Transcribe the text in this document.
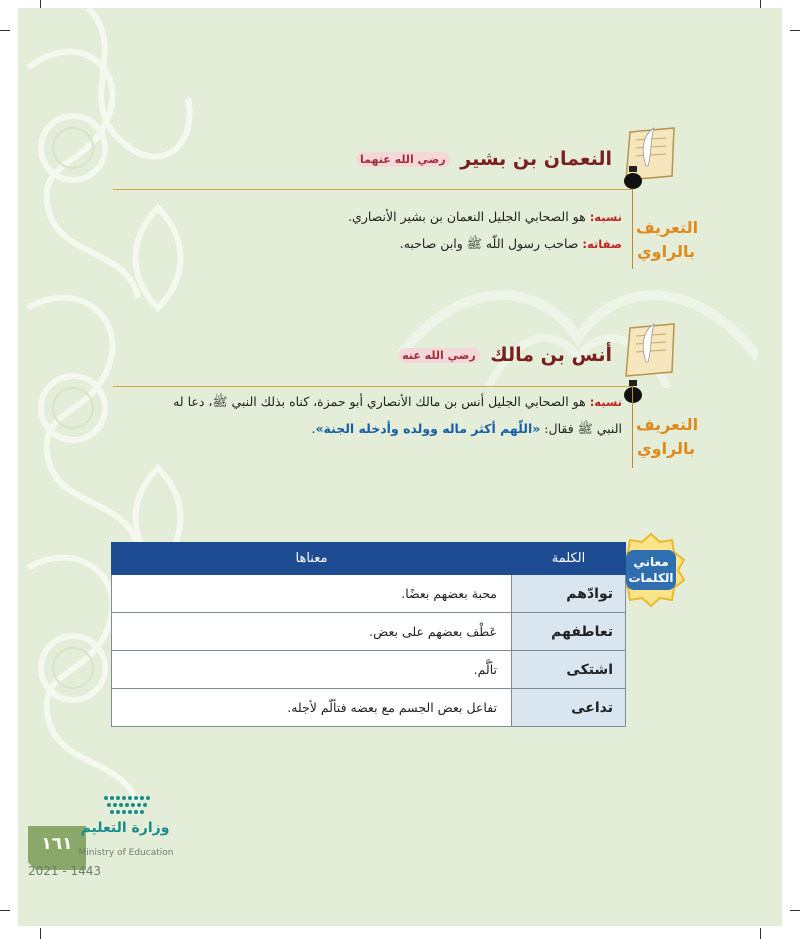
النعمان بن بشير رضي الله عنهما
التعريف
بالراوي
نسبه: هو الصحابي الجليل النعمان بن بشير الأنصاري.
صفاته: صاحب رسول اللّه ﷺ وابن صاحبه.
أنس بن مالك رضي الله عنه
التعريف
بالراوي
نسبه: هو الصحابي الجليل أنس بن مالك الأنصاري أبو حمزة، كناه بذلك النبي ﷺ، دعا له
النبي ﷺ فقال: «اللّهم أكثر ماله وولده وأدخله الجنة».
معاني
الكلمات
الكلمة	معناها
توادّهم	محبة بعضهم بعضًا.
تعاطفهم	عَطْف بعضهم على بعض.
اشتكى	تألَّم.
تداعى	تفاعل بعض الجسم مع بعضه فتألّم لأجله.
١٦١
وزارة التعليم
Ministry of Education
2021 - 1443
